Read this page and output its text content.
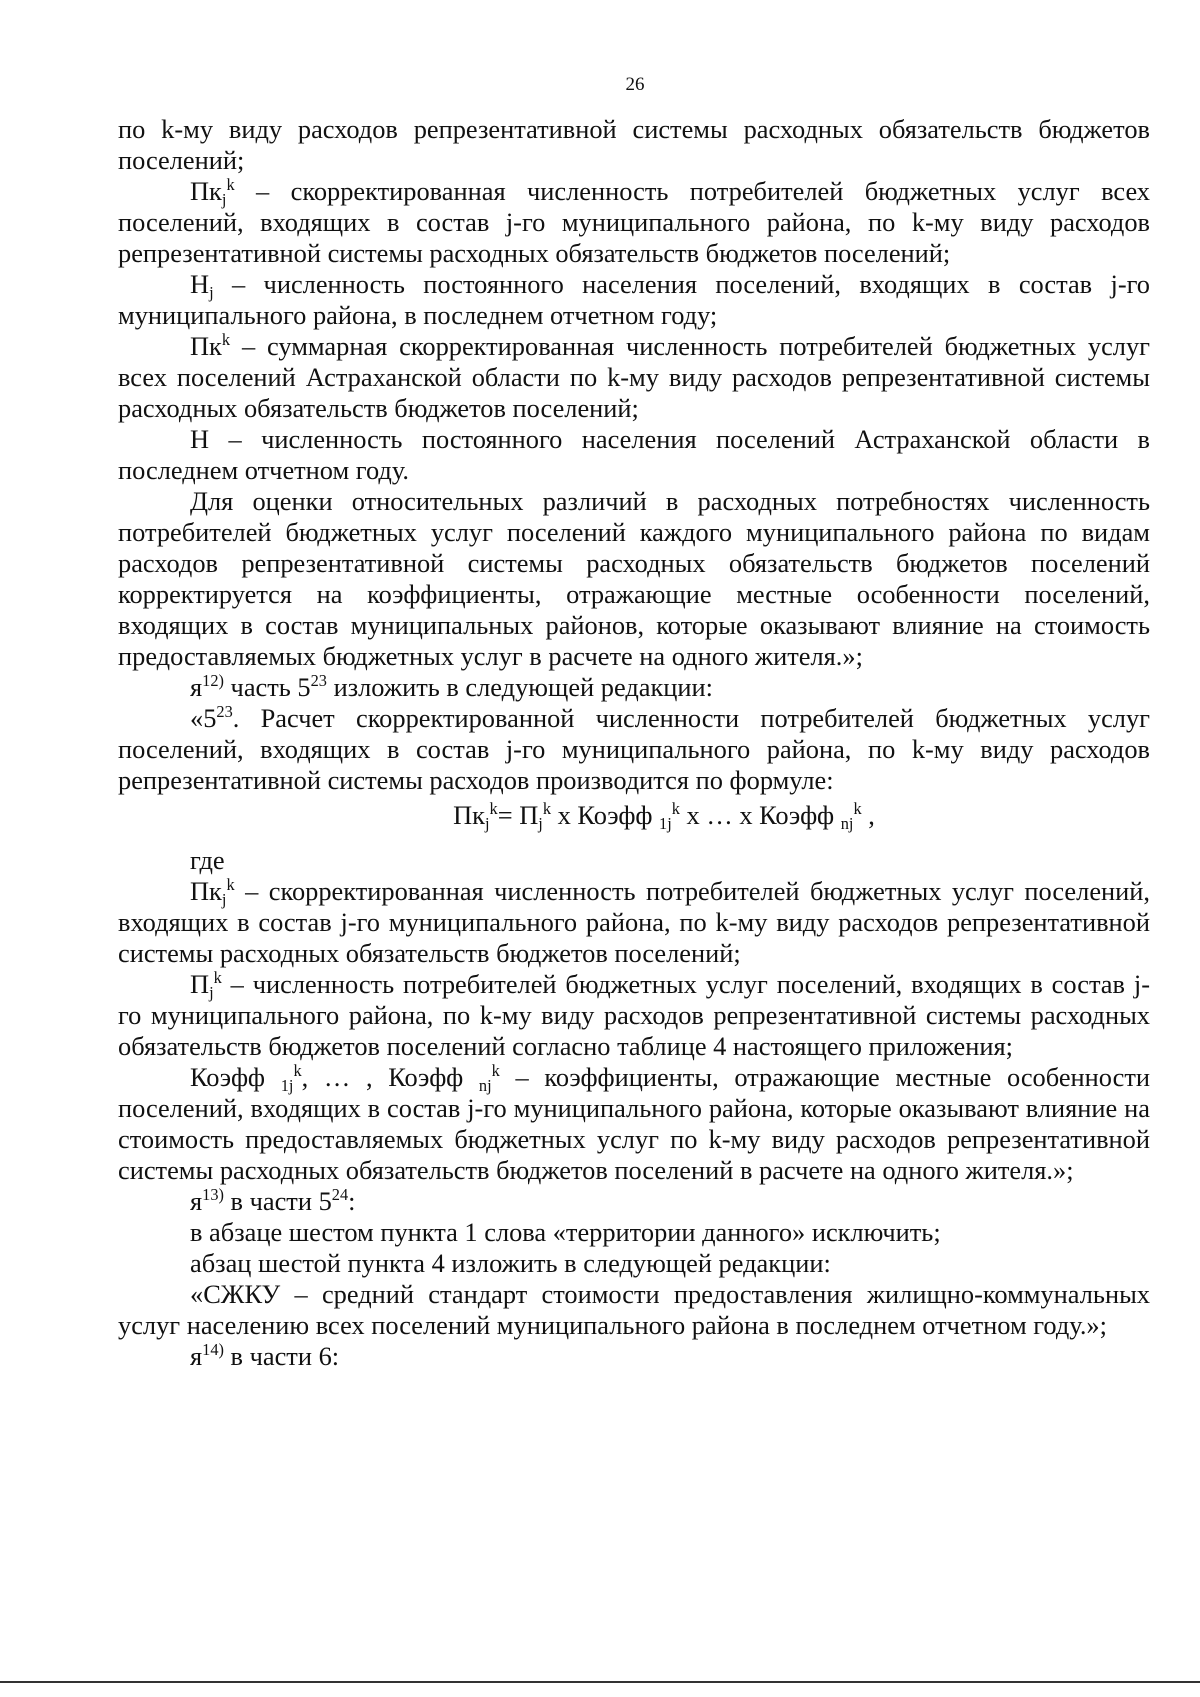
26

по k-му виду расходов репрезентативной системы расходных обязательств бюджетов поселений;

$Пк_j^k$ – скорректированная численность потребителей бюджетных услуг всех поселений, входящих в состав j-го муниципального района, по k-му виду расходов репрезентативной системы расходных обязательств бюджетов поселений;

$Н_j$ – численность постоянного населения поселений, входящих в состав j-го муниципального района, в последнем отчетном году;

$Пк^k$ – суммарная скорректированная численность потребителей бюджетных услуг всех поселений Астраханской области по k-му виду расходов репрезентативной системы расходных обязательств бюджетов поселений;

Н – численность постоянного населения поселений Астраханской области в последнем отчетном году.

Для оценки относительных различий в расходных потребностях численность потребителей бюджетных услуг поселений каждого муниципального района по видам расходов репрезентативной системы расходных обязательств бюджетов поселений корректируется на коэффициенты, отражающие местные особенности поселений, входящих в состав муниципальных районов, которые оказывают влияние на стоимость предоставляемых бюджетных услуг в расчете на одного жителя.»;

$я^{12)}$ часть $5^{23}$ изложить в следующей редакции:

«$5^{23}$. Расчет скорректированной численности потребителей бюджетных услуг поселений, входящих в состав j-го муниципального района, по k-му виду расходов репрезентативной системы расходов производится по формуле:

$Пк_j^k= П_j^k$ х Коэфф $_{1j}^k$ х … х Коэфф $_{nj}^k$ ,

где

$Пк_j^k$ – скорректированная численность потребителей бюджетных услуг поселений, входящих в состав j-го муниципального района, по k-му виду расходов репрезентативной системы расходных обязательств бюджетов поселений;

$П_j^k$ – численность потребителей бюджетных услуг поселений, входящих в состав j-го муниципального района, по k-му виду расходов репрезентативной системы расходных обязательств бюджетов поселений согласно таблице 4 настоящего приложения;

Коэфф $_{1j}^k$, … , Коэфф $_{nj}^k$ – коэффициенты, отражающие местные особенности поселений, входящих в состав j-го муниципального района, которые оказывают влияние на стоимость предоставляемых бюджетных услуг по k-му виду расходов репрезентативной системы расходных обязательств бюджетов поселений в расчете на одного жителя.»;

$я^{13)}$ в части $5^{24}$:

в абзаце шестом пункта 1 слова «территории данного» исключить;

абзац шестой пункта 4 изложить в следующей редакции:

«СЖКУ – средний стандарт стоимости предоставления жилищно-коммунальных услуг населению всех поселений муниципального района в последнем отчетном году.»;

$я^{14)}$ в части 6:
